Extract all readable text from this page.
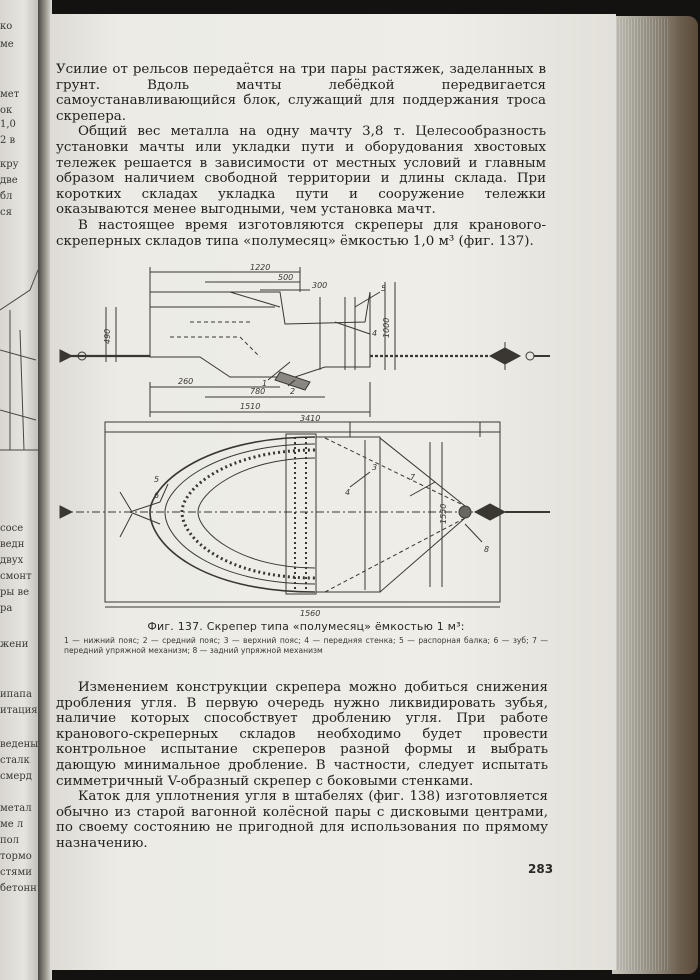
ко
ме
мет
ок
1,0
2 в
кру
две
бл
ся
сосе
ведн
двух
смонт
ры ве
ра
жени
ипапа
итация
ведены
сталк
смерд
метал
ме л
пол
тормо
стями
бетонн

Усилие от рельсов передаётся на три пары растяжек, заделанных в грунт. Вдоль мачты лебёдкой передвигается самоустанавливающийся блок, служащий для поддержания троса скрепера.

Общий вес металла на одну мачту 3,8 т. Целесообразность установки мачты или укладки пути и оборудования хвостовых тележек решается в зависимости от местных условий и главным образом наличием свободной территории и длины склада. При коротких складах укладка пути и сооружение тележки оказываются менее выгодными, чем установка мачт.

В настоящее время изготовляются скреперы для кранового-скреперных складов типа «полумесяц» ёмкостью 1,0 м³ (фиг. 137).

1220
500
300
1000
490
260
780
1510
3410
1550
1560
5
4
1
2
3
4
5
6
7
8
Фиг. 137. Скрепер типа «полумесяц» ёмкостью 1 м³:
1 — нижний пояс; 2 — средний пояс; 3 — верхний пояс; 4 — передняя стенка; 5 — распорная балка; 6 — зуб; 7 — передний упряжной механизм; 8 — задний упряжной механизм

Изменением конструкции скрепера можно добиться снижения дробления угля. В первую очередь нужно ликвидировать зубья, наличие которых способствует дроблению угля. При работе кранового-скреперных складов необходимо будет провести контрольное испытание скреперов разной формы и выбрать дающую минимальное дробление. В частности, следует испытать симметричный V-образный скрепер с боковыми стенками.

Каток для уплотнения угля в штабелях (фиг. 138) изготовляется обычно из старой вагонной колёсной пары с дисковыми центрами, по своему состоянию не пригодной для использования по прямому назначению.

283
